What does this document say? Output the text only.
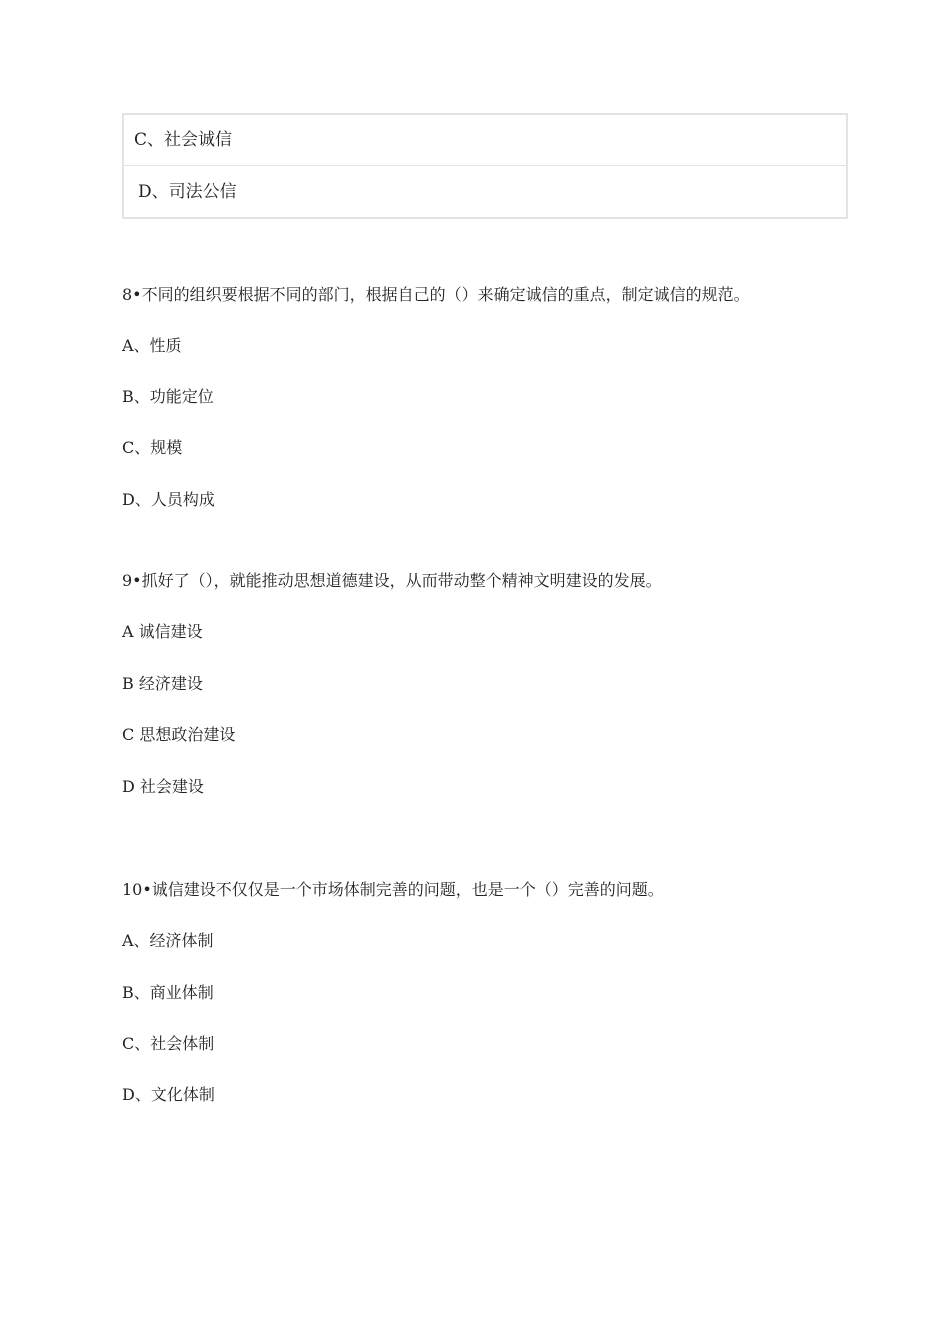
C、社会诚信
D、司法公信
8•不同的组织要根据不同的部门，根据自己的（）来确定诚信的重点，制定诚信的规范。
A、性质
B、功能定位
C、规模
D、人员构成
9•抓好了（），就能推动思想道德建设，从而带动整个精神文明建设的发展。
A 诚信建设
B 经济建设
C 思想政治建设
D 社会建设
10•诚信建设不仅仅是一个市场体制完善的问题，也是一个（）完善的问题。
A、经济体制
B、商业体制
C、社会体制
D、文化体制
